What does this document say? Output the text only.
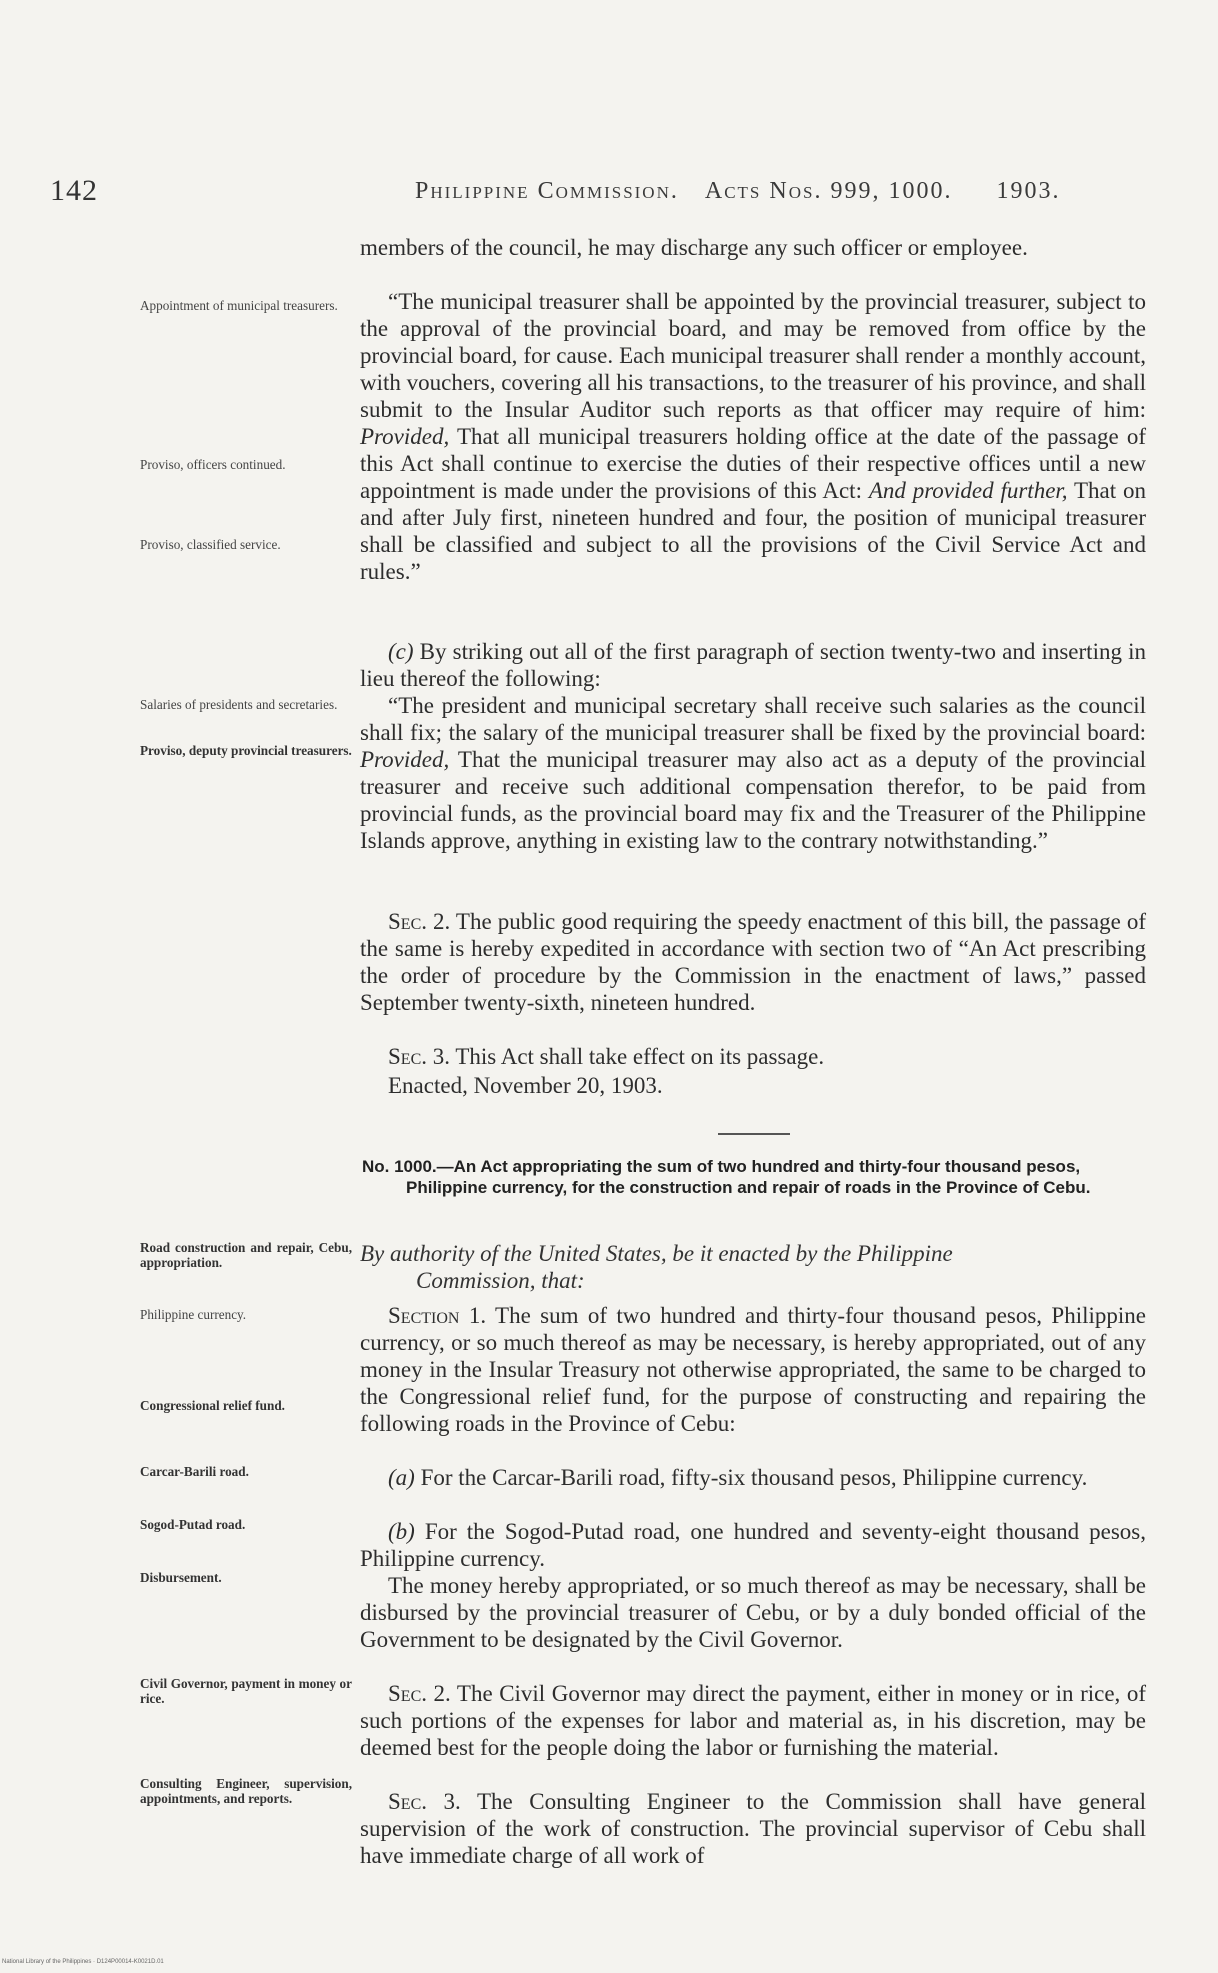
142	Philippine Commission. Acts Nos. 999, 1000. 1903.
Appointment of municipal treasurers.
Proviso, officers continued.
Proviso, classified service.
Salaries of presidents and secretaries.
Proviso, deputy provincial treasurers.
Road construction and repair, Cebu, appropriation.
Philippine currency.
Congressional relief fund.
Carcar-Barili road.
Sogod-Putad road.
Disbursement.
Civil Governor, payment in money or rice.
Consulting Engineer, supervision, appointments, and reports.
members of the council, he may discharge any such officer or employee.
“The municipal treasurer shall be appointed by the provincial treasurer, subject to the approval of the provincial board, and may be removed from office by the provincial board, for cause. Each municipal treasurer shall render a monthly account, with vouchers, covering all his transactions, to the treasurer of his province, and shall submit to the Insular Auditor such reports as that officer may require of him: Provided, That all municipal treasurers holding office at the date of the passage of this Act shall continue to exercise the duties of their respective offices until a new appointment is made under the provisions of this Act: And provided further, That on and after July first, nineteen hundred and four, the position of municipal treasurer shall be classified and subject to all the provisions of the Civil Service Act and rules.”
(c) By striking out all of the first paragraph of section twenty-two and inserting in lieu thereof the following:
“The president and municipal secretary shall receive such salaries as the council shall fix; the salary of the municipal treasurer shall be fixed by the provincial board: Provided, That the municipal treasurer may also act as a deputy of the provincial treasurer and receive such additional compensation therefor, to be paid from provincial funds, as the provincial board may fix and the Treasurer of the Philippine Islands approve, anything in existing law to the contrary notwithstanding.”
Sec. 2. The public good requiring the speedy enactment of this bill, the passage of the same is hereby expedited in accordance with section two of “An Act prescribing the order of procedure by the Commission in the enactment of laws,” passed September twenty-sixth, nineteen hundred.
Sec. 3. This Act shall take effect on its passage.
Enacted, November 20, 1903.
No. 1000.—An Act appropriating the sum of two hundred and thirty-four thousand pesos, Philippine currency, for the construction and repair of roads in the Province of Cebu.
By authority of the United States, be it enacted by the Philippine
Commission, that:
Section 1. The sum of two hundred and thirty-four thousand pesos, Philippine currency, or so much thereof as may be necessary, is hereby appropriated, out of any money in the Insular Treasury not otherwise appropriated, the same to be charged to the Congressional relief fund, for the purpose of constructing and repairing the following roads in the Province of Cebu:
(a) For the Carcar-Barili road, fifty-six thousand pesos, Philippine currency.
(b) For the Sogod-Putad road, one hundred and seventy-eight thousand pesos, Philippine currency.
The money hereby appropriated, or so much thereof as may be necessary, shall be disbursed by the provincial treasurer of Cebu, or by a duly bonded official of the Government to be designated by the Civil Governor.
Sec. 2. The Civil Governor may direct the payment, either in money or in rice, of such portions of the expenses for labor and material as, in his discretion, may be deemed best for the people doing the labor or furnishing the material.
Sec. 3. The Consulting Engineer to the Commission shall have general supervision of the work of construction. The provincial supervisor of Cebu shall have immediate charge of all work of
National Library of the Philippines · D124P00014-K0021D.01
